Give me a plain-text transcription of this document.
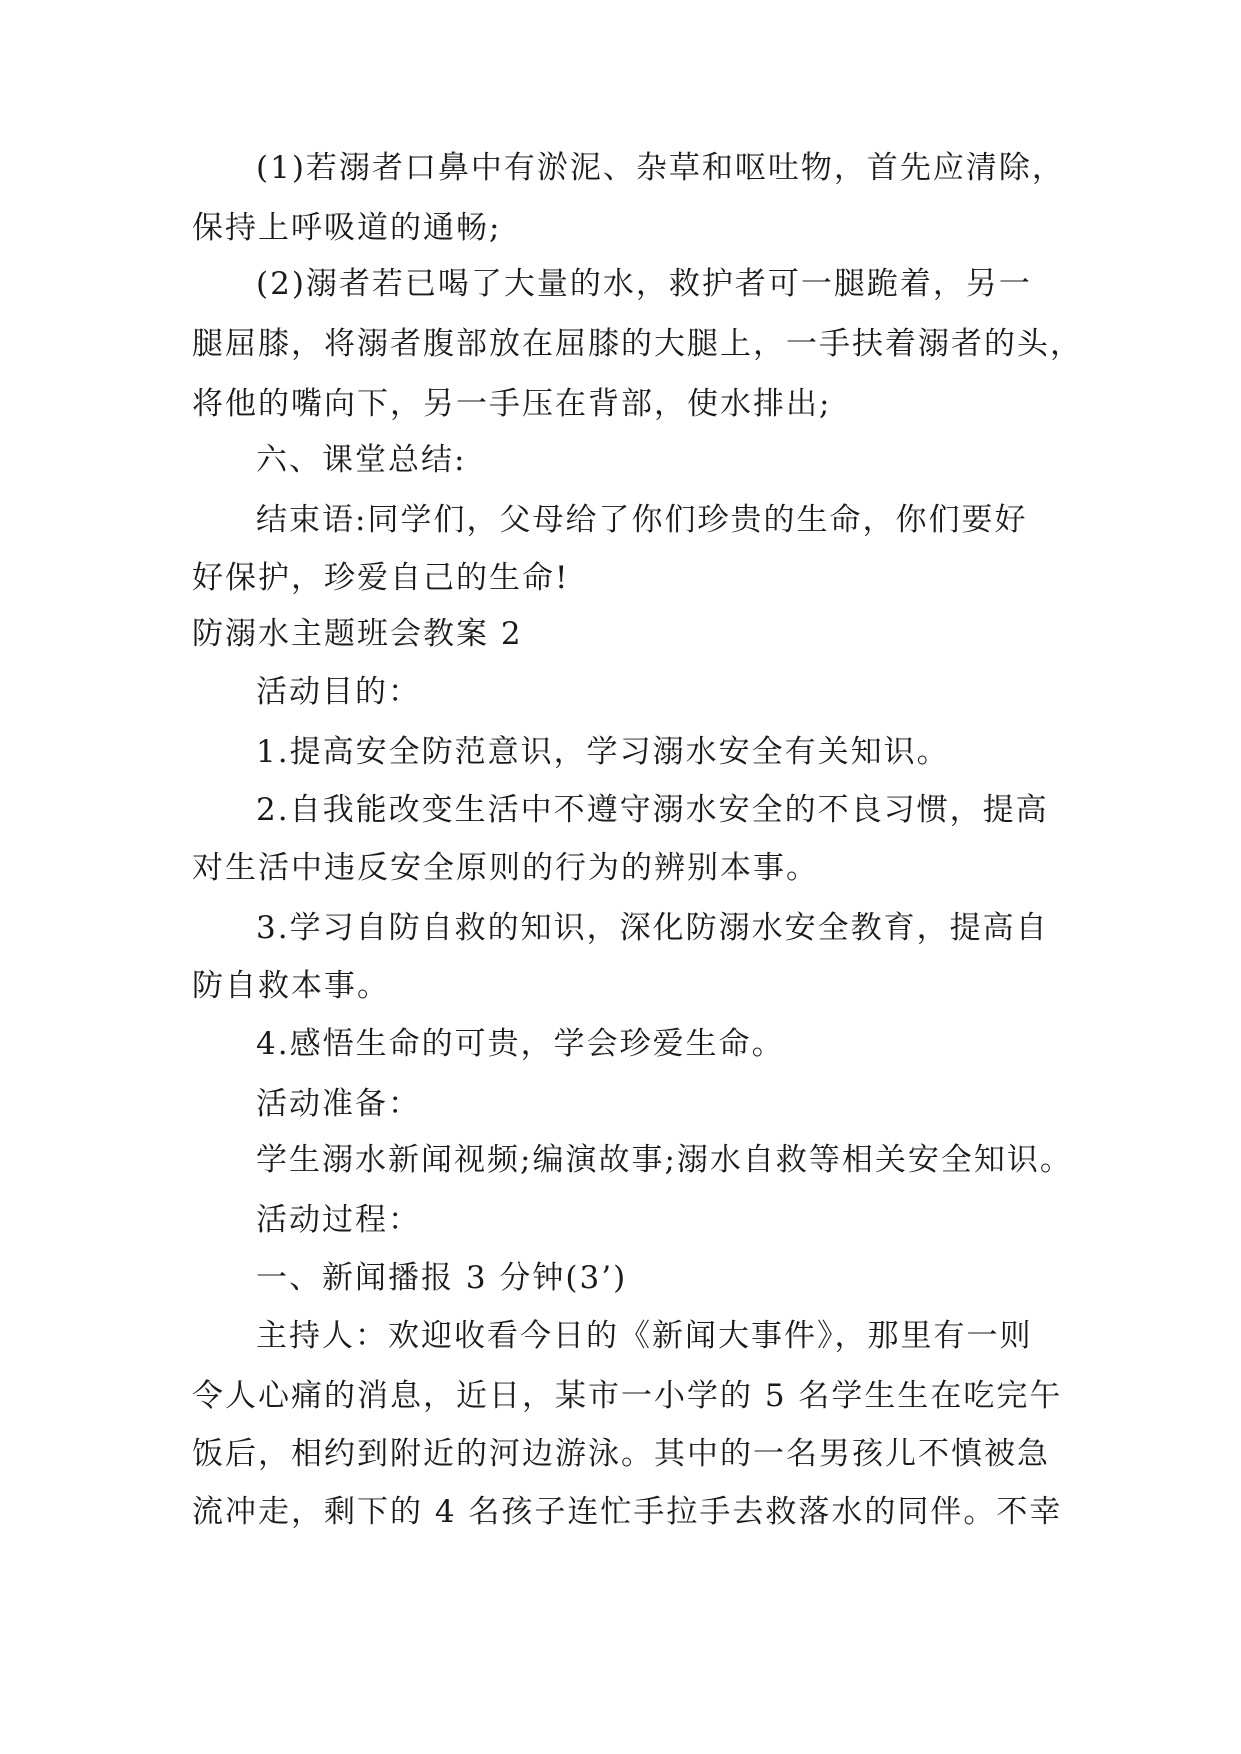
(1)若溺者口鼻中有淤泥、杂草和呕吐物，首先应清除，
保持上呼吸道的通畅;
(2)溺者若已喝了大量的水，救护者可一腿跪着，另一
腿屈膝，将溺者腹部放在屈膝的大腿上，一手扶着溺者的头，
将他的嘴向下，另一手压在背部，使水排出;
六、课堂总结:
结束语:同学们，父母给了你们珍贵的生命，你们要好
好保护，珍爱自己的生命!
防溺水主题班会教案 2
活动目的：
1.提高安全防范意识，学习溺水安全有关知识。
2.自我能改变生活中不遵守溺水安全的不良习惯，提高
对生活中违反安全原则的行为的辨别本事。
3.学习自防自救的知识，深化防溺水安全教育，提高自
防自救本事。
4.感悟生命的可贵，学会珍爱生命。
活动准备：
学生溺水新闻视频;编演故事;溺水自救等相关安全知识。
活动过程：
一、新闻播报 3 分钟(3’)
主持人：欢迎收看今日的《新闻大事件》，那里有一则
令人心痛的消息，近日，某市一小学的 5 名学生生在吃完午
饭后，相约到附近的河边游泳。其中的一名男孩儿不慎被急
流冲走，剩下的 4 名孩子连忙手拉手去救落水的同伴。不幸
